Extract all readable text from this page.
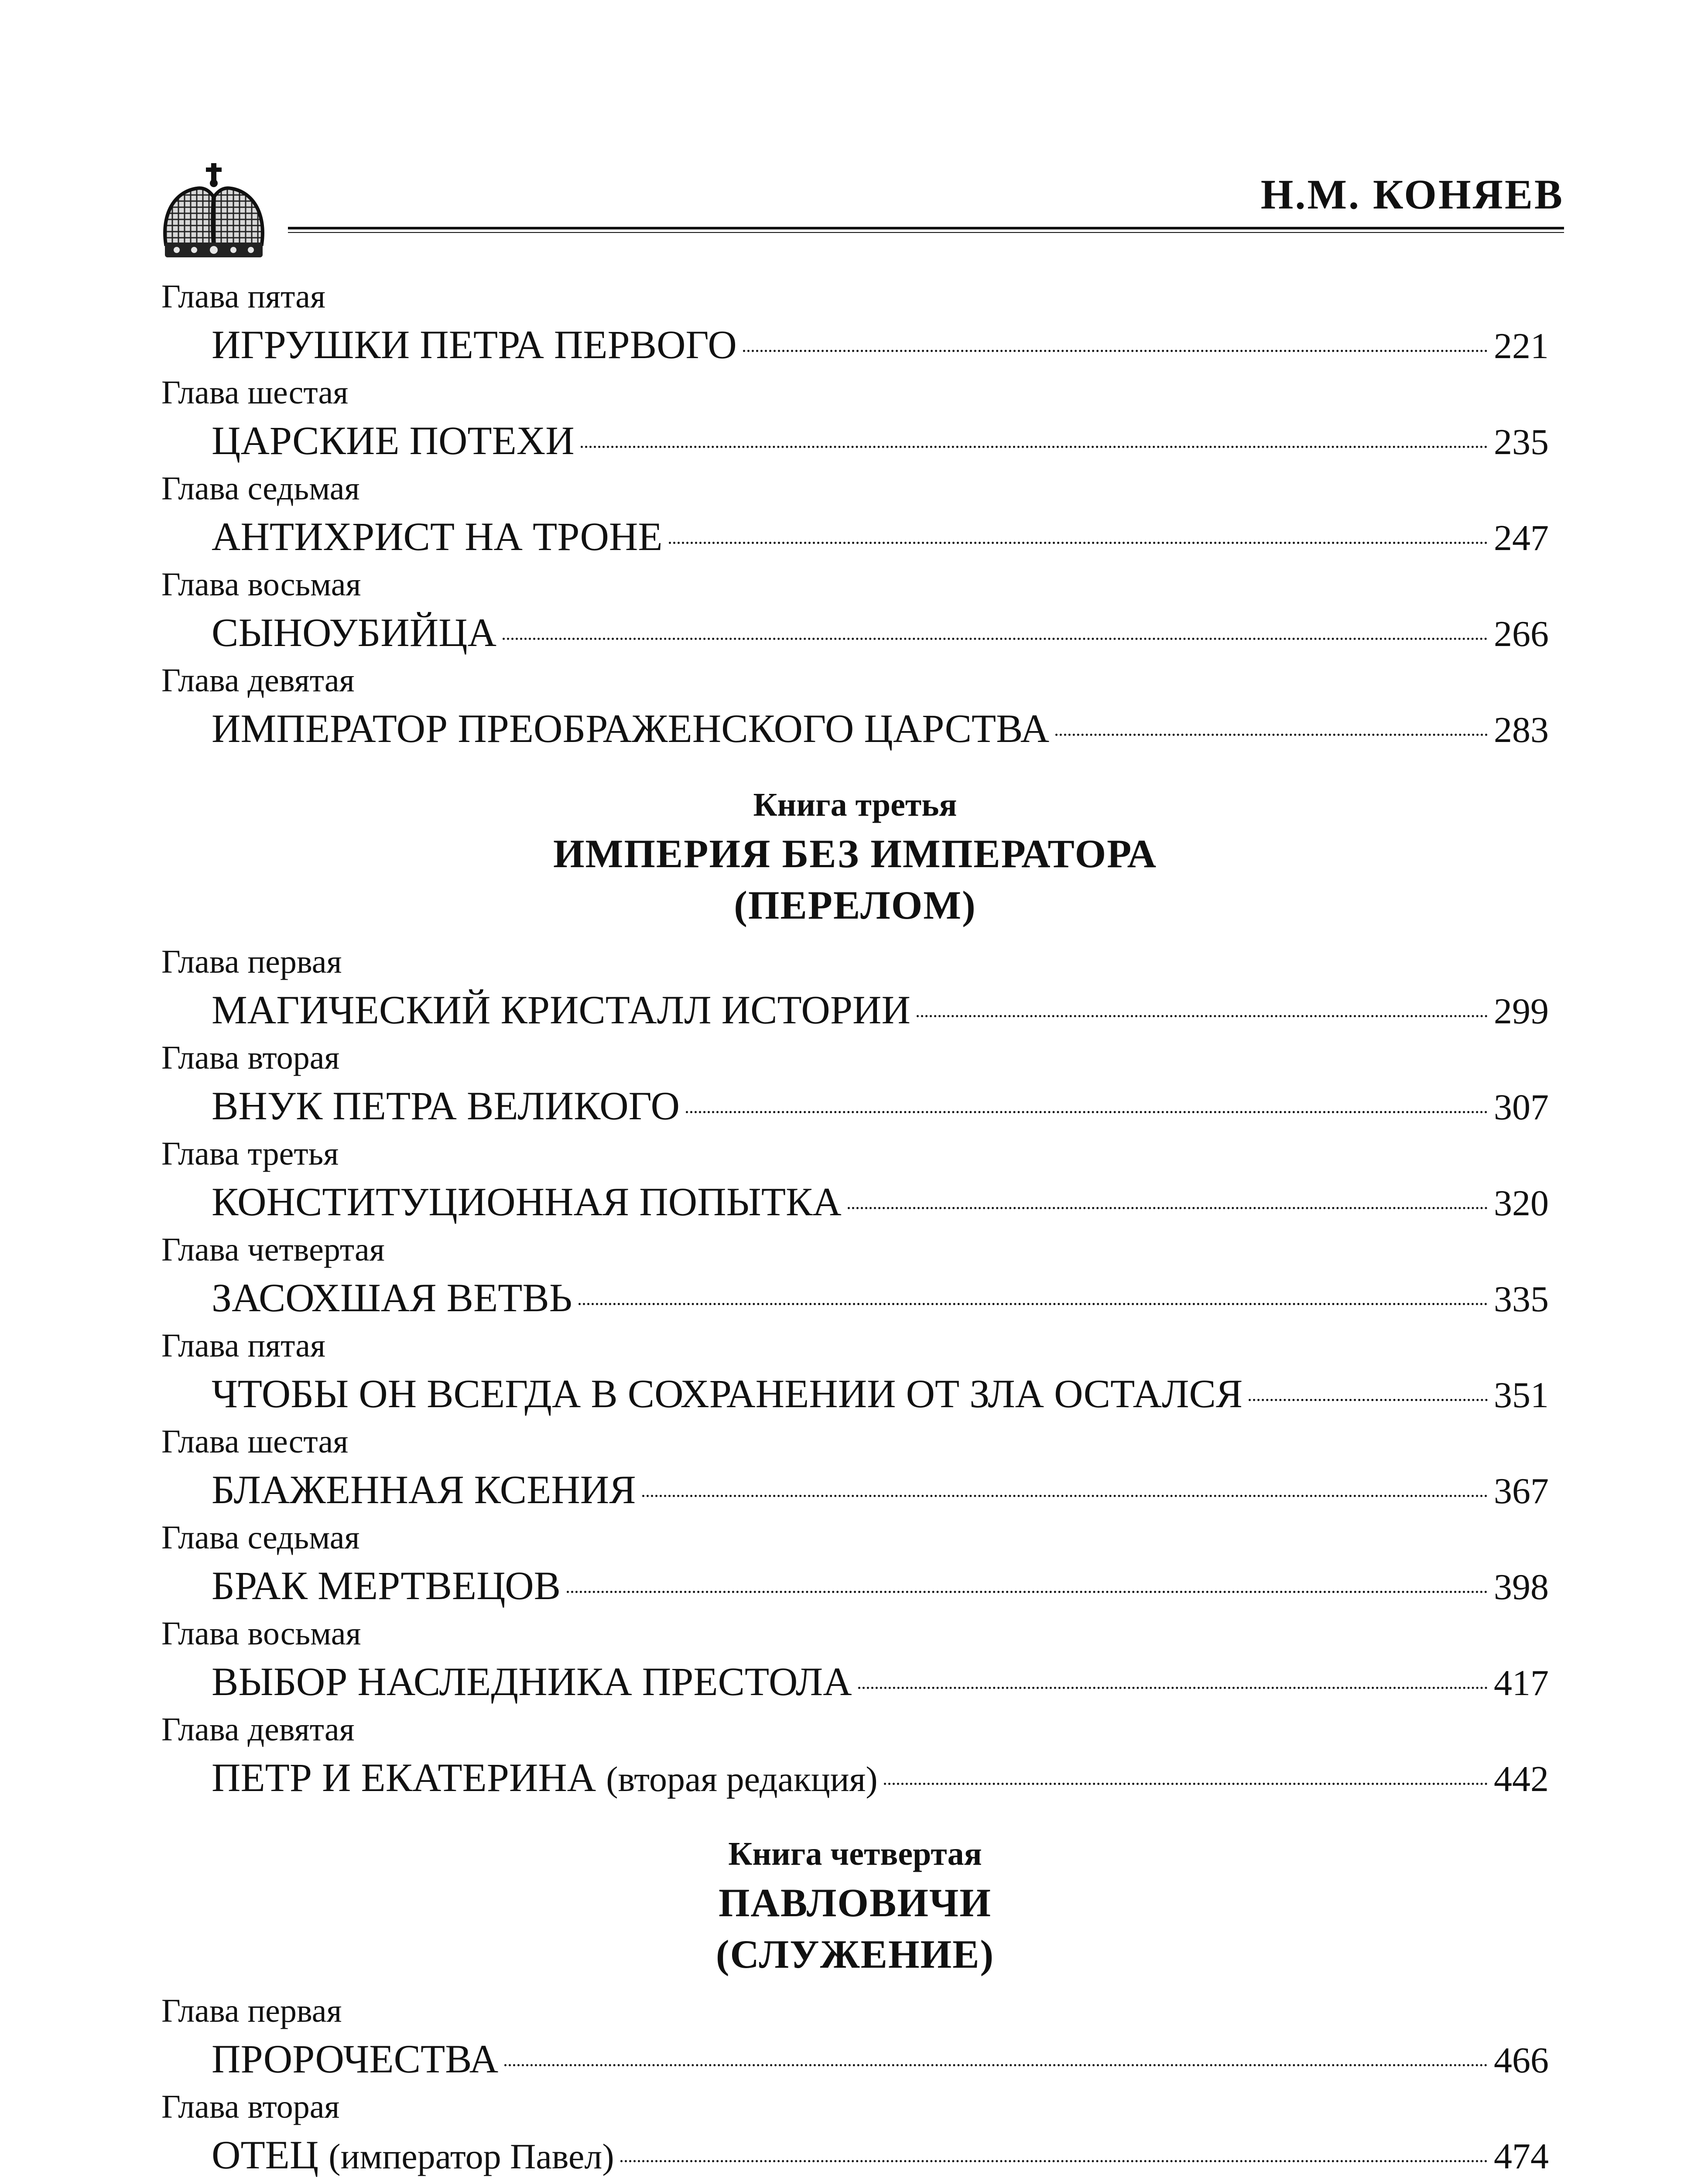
Н.М. КОНЯЕВ
Глава пятая
ИГРУШКИ ПЕТРА ПЕРВОГО	221
Глава шестая
ЦАРСКИЕ ПОТЕХИ	235
Глава седьмая
АНТИХРИСТ НА ТРОНЕ	247
Глава восьмая
СЫНОУБИЙЦА	266
Глава девятая
ИМПЕРАТОР ПРЕОБРАЖЕНСКОГО ЦАРСТВА	283
Книга третья
ИМПЕРИЯ БЕЗ ИМПЕРАТОРА
(ПЕРЕЛОМ)
Глава первая
МАГИЧЕСКИЙ КРИСТАЛЛ ИСТОРИИ	299
Глава вторая
ВНУК ПЕТРА ВЕЛИКОГО	307
Глава третья
КОНСТИТУЦИОННАЯ ПОПЫТКА	320
Глава четвертая
ЗАСОХШАЯ ВЕТВЬ	335
Глава пятая
ЧТОБЫ ОН ВСЕГДА В СОХРАНЕНИИ ОТ ЗЛА ОСТАЛСЯ	351
Глава шестая
БЛАЖЕННАЯ КСЕНИЯ	367
Глава седьмая
БРАК МЕРТВЕЦОВ	398
Глава восьмая
ВЫБОР НАСЛЕДНИКА ПРЕСТОЛА	417
Глава девятая
ПЕТР И ЕКАТЕРИНА (вторая редакция)	442
Книга четвертая
ПАВЛОВИЧИ
(СЛУЖЕНИЕ)
Глава первая
ПРОРОЧЕСТВА	466
Глава вторая
ОТЕЦ (император Павел)	474
